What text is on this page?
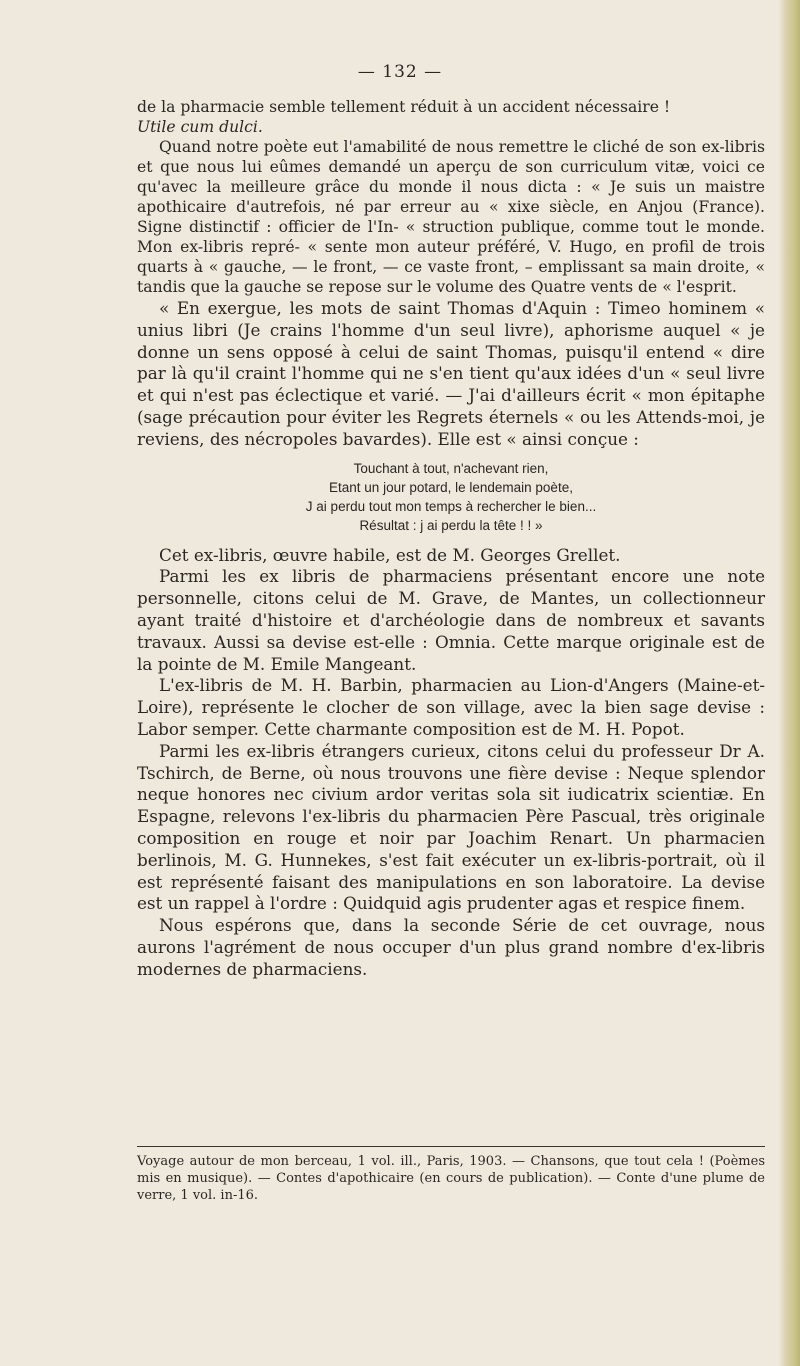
— 132 —

de la pharmacie semble tellement réduit à un accident nécessaire !

Utile cum dulci.

Quand notre poète eut l'amabilité de nous remettre le cliché de son ex-libris et que nous lui eûmes demandé un aperçu de son curriculum vitæ, voici ce qu'avec la meilleure grâce du monde il nous dicta : « Je suis un maistre apothicaire d'autrefois, né par erreur au « xixe siècle, en Anjou (France). Signe distinctif : officier de l'In- « struction publique, comme tout le monde. Mon ex-libris repré- « sente mon auteur préféré, V. Hugo, en profil de trois quarts à « gauche, — le front, — ce vaste front, – emplissant sa main droite, « tandis que la gauche se repose sur le volume des Quatre vents de « l'esprit.

« En exergue, les mots de saint Thomas d'Aquin : Timeo hominem « unius libri (Je crains l'homme d'un seul livre), aphorisme auquel « je donne un sens opposé à celui de saint Thomas, puisqu'il entend « dire par là qu'il craint l'homme qui ne s'en tient qu'aux idées d'un « seul livre et qui n'est pas éclectique et varié. — J'ai d'ailleurs écrit « mon épitaphe (sage précaution pour éviter les Regrets éternels « ou les Attends-moi, je reviens, des nécropoles bavardes). Elle est « ainsi conçue :

Touchant à tout, n'achevant rien,
Etant un jour potard, le lendemain poète,
J ai perdu tout mon temps à rechercher le bien...
Résultat : j ai perdu la tête ! ! »

Cet ex-libris, œuvre habile, est de M. Georges Grellet.

Parmi les ex libris de pharmaciens présentant encore une note personnelle, citons celui de M. Grave, de Mantes, un collectionneur ayant traité d'histoire et d'archéologie dans de nombreux et savants travaux. Aussi sa devise est-elle : Omnia. Cette marque originale est de la pointe de M. Emile Mangeant.

L'ex-libris de M. H. Barbin, pharmacien au Lion-d'Angers (Maine-et-Loire), représente le clocher de son village, avec la bien sage devise : Labor semper. Cette charmante composition est de M. H. Popot.

Parmi les ex-libris étrangers curieux, citons celui du professeur Dr A. Tschirch, de Berne, où nous trouvons une fière devise : Neque splendor neque honores nec civium ardor veritas sola sit iudicatrix scientiæ. En Espagne, relevons l'ex-libris du pharmacien Père Pascual, très originale composition en rouge et noir par Joachim Renart. Un pharmacien berlinois, M. G. Hunnekes, s'est fait exécuter un ex-libris-portrait, où il est représenté faisant des manipulations en son laboratoire. La devise est un rappel à l'ordre : Quidquid agis prudenter agas et respice finem.

Nous espérons que, dans la seconde Série de cet ouvrage, nous aurons l'agrément de nous occuper d'un plus grand nombre d'ex-libris modernes de pharmaciens.

Voyage autour de mon berceau, 1 vol. ill., Paris, 1903. — Chansons, que tout cela ! (Poèmes mis en musique). — Contes d'apothicaire (en cours de publication). — Conte d'une plume de verre, 1 vol. in-16.
